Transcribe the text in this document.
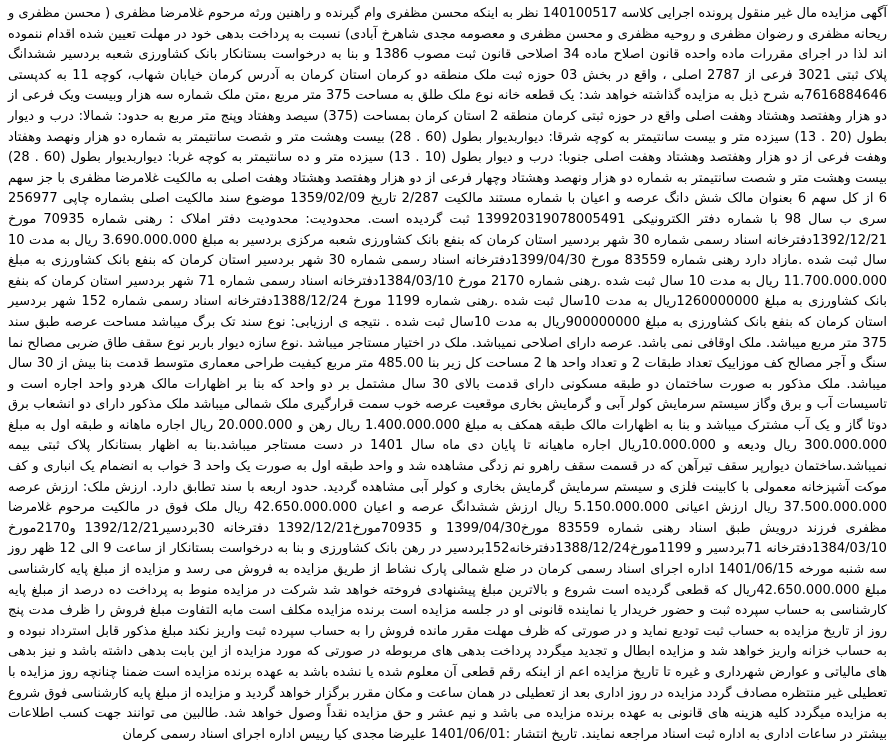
آگهی مزایده مال غیر منقول پرونده اجرایی کلاسه 140100517 نظر به اینکه محسن مظفری وام گیرنده و راهنین ورثه مرحوم غلامرضا مظفری ( محسن مظفری و ریحانه مظفری و رضوان مظفری و روحیه مظفری و محسن مظفری و معصومه مجدی شاهرخ آبادی) نسبت به پرداخت بدهی خود در مهلت تعیین شده اقدام ننموده اند لذا در اجرای مقررات ماده واحده قانون اصلاح ماده 34 اصلاحی قانون ثبت مصوب 1386 و بنا به درخواست بستانکار بانک کشاورزی شعبه بردسیر ششدانگ پلاک ثبتی 3021 فرعی از 2787 اصلی ، واقع در بخش 03 حوزه ثبت ملک منطقه دو کرمان استان کرمان به آدرس کرمان خیابان شهاب، کوچه 11 به کدپستی 7616884646به شرح ذیل به مزایده گذاشته خواهد شد: یک قطعه خانه نوع ملک طلق به مساحت 375 متر مربع ،متن ملک شماره سه هزار وبیست ویک فرعی از دو هزار وهفتصد وهشتاد وهفت اصلی واقع در حوزه ثبتی کرمان منطقه 2 استان کرمان بمساحت (375) سیصد وهفتاد وپنج متر مربع به حدود: شمالا: درب و دیوار بطول (20 . 13) سیزده متر و بیست سانتیمتر به کوچه شرقا: دیواربدیوار بطول (60 . 28) بیست وهشت متر و شصت سانتیمتر به شماره دو هزار ونهصد وهفتاد وهفت فرعی از دو هزار وهفتصد وهشتاد وهفت اصلی جنوبا: درب و دیوار بطول (10 . 13) سیزده متر و ده سانتیمتر به کوچه غربا: دیواربدیوار بطول (60 . 28) بیست وهشت متر و شصت سانتیمتر به شماره دو هزار ونهصد وهشتاد وچهار فرعی از دو هزار وهفتصد وهشتاد وهفت اصلی به مالکیت غلامرضا مظفری با جز سهم 6 از کل سهم 6 بعنوان مالک شش دانگ عرصه و اعیان با شماره مستند مالکیت 2/287 تاریخ 1359/02/09 موضوع سند مالکیت اصلی بشماره چاپی 256977 سری ب سال 98 با شماره دفتر الکترونیکی 139920319078005491 ثبت گردیده است. محدودیت: محدودیت دفتر املاک : رهنی شماره 70935 مورخ 1392/12/21دفترخانه اسناد رسمی شماره 30 شهر بردسیر استان کرمان که بنفع بانک کشاورزی شعبه مرکزی بردسیر به مبلغ 3.690.000.000 ریال به مدت 10 سال ثبت شده .مازاد دارد رهنی شماره 83559 مورخ 1399/04/30دفترخانه اسناد رسمی شماره 30 شهر بردسیر استان کرمان که بنفع بانک کشاورزی به مبلغ 11.700.000.000 ریال به مدت 10 سال ثبت شده .رهنی شماره 2170 مورخ 1384/03/10دفترخانه اسناد رسمی شماره 71 شهر بردسیر استان کرمان که بنفع بانک کشاورزی به مبلغ 1260000000ریال به مدت 10سال ثبت شده .رهنی شماره 1199 مورخ 1388/12/24دفترخانه اسناد رسمی شماره 152 شهر بردسیر استان کرمان که بنفع بانک کشاورزی به مبلغ 900000000ریال به مدت 10سال ثبت شده . نتیجه ی ارزیابی: نوع سند تک برگ میباشد مساحت عرصه طبق سند 375 متر مربع میباشد. ملک اوقافی نمی باشد. عرصه دارای اصلاحی نمیباشد. ملک در اختیار مستاجر میباشد .نوع سازه دیوار باربر نوع سقف طاق ضربی مصالح نما سنگ و آجر مصالح کف موزاییک تعداد طبقات 2 و تعداد واحد ها 2 مساحت کل زیر بنا 485.00 متر مربع کیفیت طراحی معماری متوسط قدمت بنا بیش از 30 سال میباشد. ملک مذکور به صورت ساختمان دو طبقه مسکونی دارای قدمت بالای 30 سال مشتمل بر دو واحد که بنا بر اظهارات مالک هردو واحد اجاره است و تاسیسات آب و برق وگاز سیستم سرمایش کولر آبی و گرمایش بخاری موقعیت عرصه خوب سمت قرارگیری ملک شمالی میباشد ملک مذکور دارای دو انشعاب برق دوتا گاز و یک آب مشترک میباشد و بنا به اظهارات مالک طبقه همکف به مبلغ 1.400.000.000 ریال رهن و 20.000.000 ریال اجاره ماهانه و طبقه اول به مبلغ 300.000.000 ریال ودیعه و 10.000.000ریال اجاره ماهیانه تا پایان دی ماه سال 1401 در دست مستاجر میباشد.بنا به اظهار بستانکار پلاک ثبتی بیمه نمیباشد.ساختمان دیوارپر سقف تیرآهن که در قسمت سقف راهرو نم زدگی مشاهده شد و واحد طبقه اول به صورت یک واحد 3 خواب به انضمام یک انباری و کف موکت آشپزخانه معمولی با کابینت فلزی و سیستم سرمایش گرمایش بخاری و کولر آبی مشاهده گردید. حدود اربعه با سند تطابق دارد. ارزش ملک: ارزش عرصه 37.500.000.000 ریال ارزش اعیانی 5.150.000.000 ریال ارزش ششدانگ عرصه و اعیان 42.650.000.000 ریال ملک فوق در مالکیت مرحوم غلامرضا مظفری فرزند درویش طبق اسناد رهنی شماره 83559 مورخ1399/04/30 و 70935مورخ1392/12/21 دفترخانه 30بردسیر1392/12/21 و2170مورخ 1384/03/10دفترخانه 71بردسیر و 1199مورخ1388/12/24دفترخانه152بردسیر در رهن بانک کشاورزی و بنا به درخواست بستانکار از ساعت 9 الی 12 ظهر روز سه شنبه مورخه 1401/06/15 اداره اجرای اسناد رسمی کرمان در ضلع شمالی پارک نشاط از طریق مزایده به فروش می رسد و مزایده از مبلغ پایه کارشناسی مبلغ 42.650.000.000ریال که قطعی گردیده است شروع و بالاترین مبلغ پیشنهادی فروخته خواهد شد شرکت در مزایده منوط به پرداخت ده درصد از مبلغ پایه کارشناسی به حساب سپرده ثبت و حضور خریدار یا نماینده قانونی او در جلسه مزایده است برنده مزایده مکلف است مابه التفاوت مبلغ فروش را ظرف مدت پنج روز از تاریخ مزایده به حساب ثبت تودیع نماید و در صورتی که ظرف مهلت مقرر مانده فروش را به حساب سپرده ثبت واریز نکند مبلغ مذکور قابل استرداد نبوده و به حساب خزانه واریز خواهد شد و مزایده ابطال و تجدید میگردد پرداخت بدهی های مربوطه در صورتی که مورد مزایده از این بابت بدهی داشته باشد و نیز بدهی های مالیاتی و عوارض شهرداری و غیره تا تاریخ مزایده اعم از اینکه رقم قطعی آن معلوم شده یا نشده باشد به عهده برنده مزایده است ضمنا چنانچه روز مزایده با تعطیلی غیر منتظره مصادف گردد مزایده در روز اداری بعد از تعطیلی در همان ساعت و مکان مقرر برگزار خواهد گردید و مزایده از مبلغ پایه کارشناسی فوق شروع به مزایده میگردد کلیه هزینه های قانونی به عهده برنده مزایده می باشد و نیم عشر و حق مزایده نقداً وصول خواهد شد. طالبین می توانند جهت کسب اطلاعات بیشتر در ساعات اداری به اداره ثبت اسناد مراجعه نمایند. تاریخ انتشار :1401/06/01 علیرضا مجدی کیا رییس اداره اجرای اسناد رسمی کرمان
